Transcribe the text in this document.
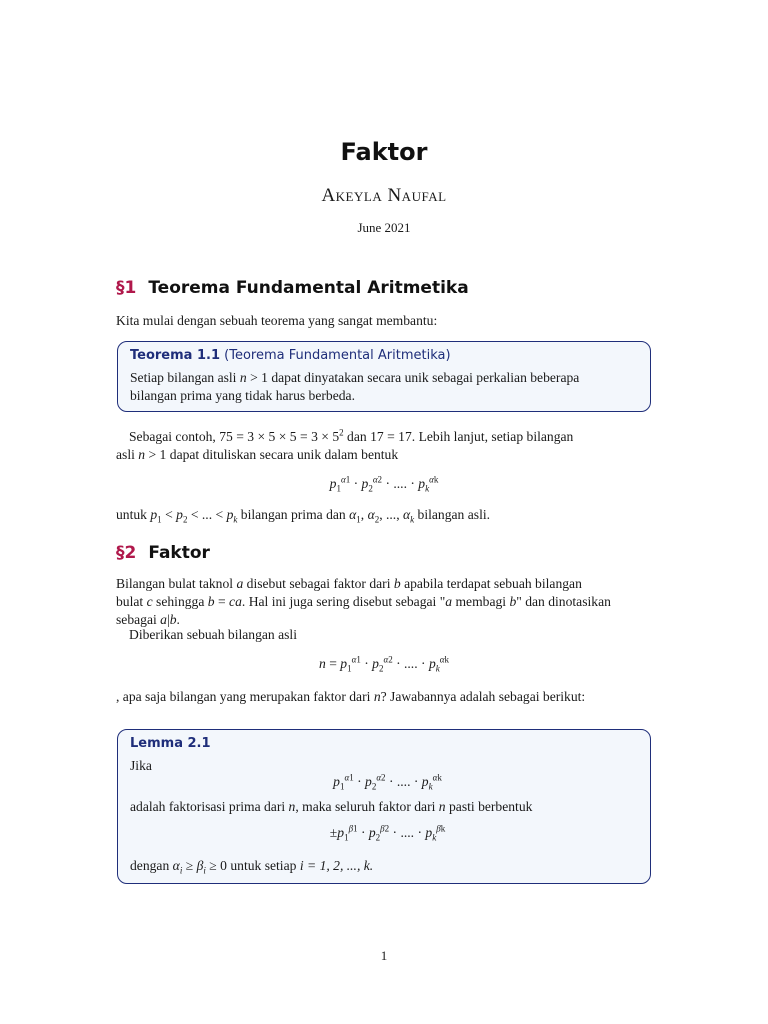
Faktor
Akeyla Naufal
June 2021
§1 Teorema Fundamental Aritmetika
Kita mulai dengan sebuah teorema yang sangat membantu:
Teorema 1.1 (Teorema Fundamental Aritmetika)
Setiap bilangan asli n > 1 dapat dinyatakan secara unik sebagai perkalian beberapa
bilangan prima yang tidak harus berbeda.
Sebagai contoh, $75 = 3 \times 5 \times 5 = 3 \times 5^2$ dan 17 = 17. Lebih lanjut, setiap bilangan
asli n > 1 dapat dituliskan secara unik dalam bentuk
$p_1^{\alpha 1} \cdot p_2^{\alpha 2}$ · .... · $p_k^{\alpha k}$
untuk $p_1 < p_2$ < ... < $p_k$ bilangan prima dan $\alpha_1$, $\alpha_2$, ..., $\alpha_k$ bilangan asli.
§2 Faktor
Bilangan bulat taknol a disebut sebagai faktor dari b apabila terdapat sebuah bilangan
bulat c sehingga b = ca. Hal ini juga sering disebut sebagai "a membagi b" dan dinotasikan
sebagai a|b.
Diberikan sebuah bilangan asli
$n = p_1^{\alpha 1} \cdot p_2^{\alpha 2}$ · .... · $p_k^{\alpha k}$
, apa saja bilangan yang merupakan faktor dari n? Jawabannya adalah sebagai berikut:
Lemma 2.1
Jika
$p_1^{\alpha 1} \cdot p_2^{\alpha 2}$ · .... · $p_k^{\alpha k}$
adalah faktorisasi prima dari n, maka seluruh faktor dari n pasti berbentuk
$\pm p_1^{\beta 1} \cdot p_2^{\beta 2}$ · .... · $p_k^{\beta k}$
dengan $\alpha_i \ge \beta_i \ge 0$ untuk setiap i = 1, 2, ..., k.
1
